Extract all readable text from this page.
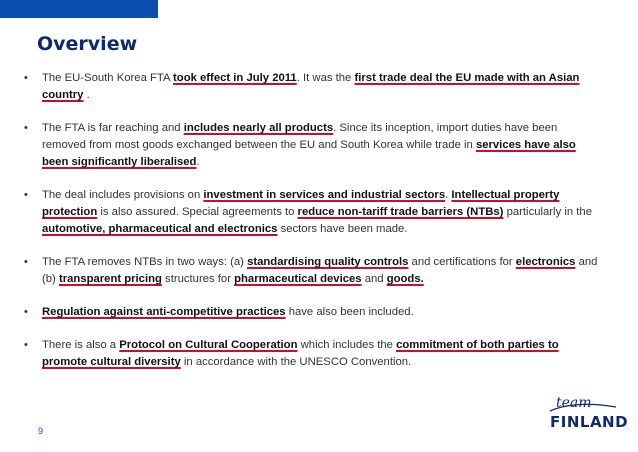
Overview
• The EU-South Korea FTA took effect in July 2011. It was the first trade deal the EU made with an Asian country .
• The FTA is far reaching and includes nearly all products. Since its inception, import duties have been removed from most goods exchanged between the EU and South Korea while trade in services have also been significantly liberalised.
• The deal includes provisions on investment in services and industrial sectors. Intellectual property protection is also assured. Special agreements to reduce non-tariff trade barriers (NTBs) particularly in the automotive, pharmaceutical and electronics sectors have been made.
• The FTA removes NTBs in two ways: (a) standardising quality controls and certifications for electronics and (b) transparent pricing structures for pharmaceutical devices and goods.
• Regulation against anti-competitive practices have also been included.
• There is also a Protocol on Cultural Cooperation which includes the commitment of both parties to promote cultural diversity in accordance with the UNESCO Convention.
9
team
FINLAND
